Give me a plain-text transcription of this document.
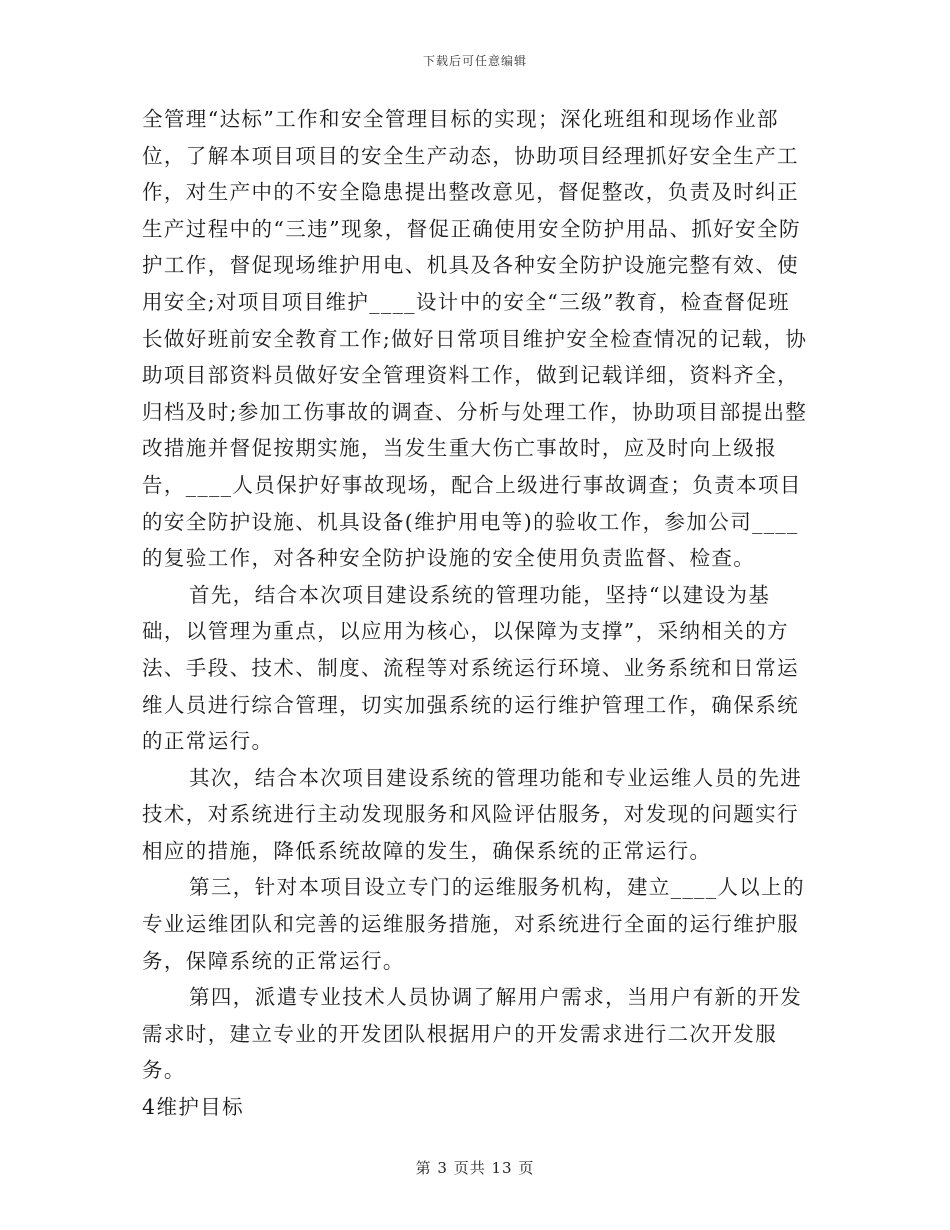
下载后可任意编辑

全管理“达标”工作和安全管理目标的实现；深化班组和现场作业部位，了解本项目项目的安全生产动态，协助项目经理抓好安全生产工作，对生产中的不安全隐患提出整改意见，督促整改，负责及时纠正生产过程中的“三违”现象，督促正确使用安全防护用品、抓好安全防护工作，督促现场维护用电、机具及各种安全防护设施完整有效、使用安全;对项目项目维护____设计中的安全“三级”教育，检查督促班长做好班前安全教育工作;做好日常项目维护安全检查情况的记载，协助项目部资料员做好安全管理资料工作，做到记载详细，资料齐全，归档及时;参加工伤事故的调查、分析与处理工作，协助项目部提出整改措施并督促按期实施，当发生重大伤亡事故时，应及时向上级报告，____人员保护好事故现场，配合上级进行事故调查；负责本项目的安全防护设施、机具设备(维护用电等)的验收工作，参加公司____的复验工作，对各种安全防护设施的安全使用负责监督、检查。

首先，结合本次项目建设系统的管理功能，坚持“以建设为基础，以管理为重点，以应用为核心，以保障为支撑”，采纳相关的方法、手段、技术、制度、流程等对系统运行环境、业务系统和日常运维人员进行综合管理，切实加强系统的运行维护管理工作，确保系统的正常运行。

其次，结合本次项目建设系统的管理功能和专业运维人员的先进技术，对系统进行主动发现服务和风险评估服务，对发现的问题实行相应的措施，降低系统故障的发生，确保系统的正常运行。

第三，针对本项目设立专门的运维服务机构，建立____人以上的专业运维团队和完善的运维服务措施，对系统进行全面的运行维护服务，保障系统的正常运行。

第四，派遣专业技术人员协调了解用户需求，当用户有新的开发需求时，建立专业的开发团队根据用户的开发需求进行二次开发服务。

4维护目标

第 3 页共 13 页
